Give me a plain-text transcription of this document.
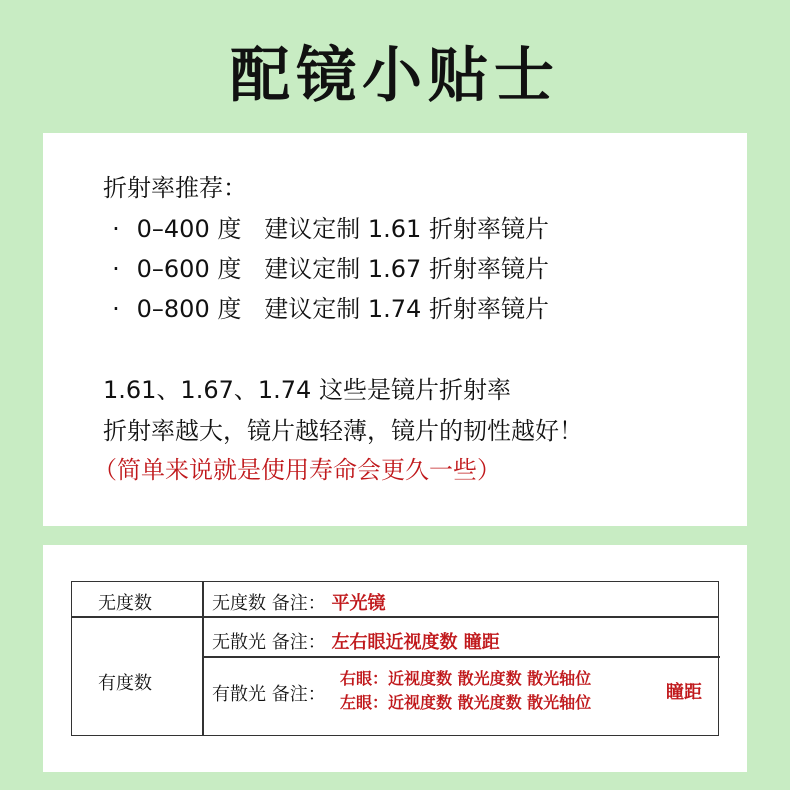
配镜小贴士
折射率推荐：
· 0–400 度 建议定制 1.61 折射率镜片
· 0–600 度 建议定制 1.67 折射率镜片
· 0–800 度 建议定制 1.74 折射率镜片
1.61、1.67、1.74 这些是镜片折射率
折射率越大，镜片越轻薄，镜片的韧性越好！
（简单来说就是使用寿命会更久一些）
无度数	无度数 备注： 平光镜
有度数
无散光 备注： 左右眼近视度数 瞳距
有散光 备注：
右眼：近视度数 散光度数 散光轴位
左眼：近视度数 散光度数 散光轴位	瞳距
